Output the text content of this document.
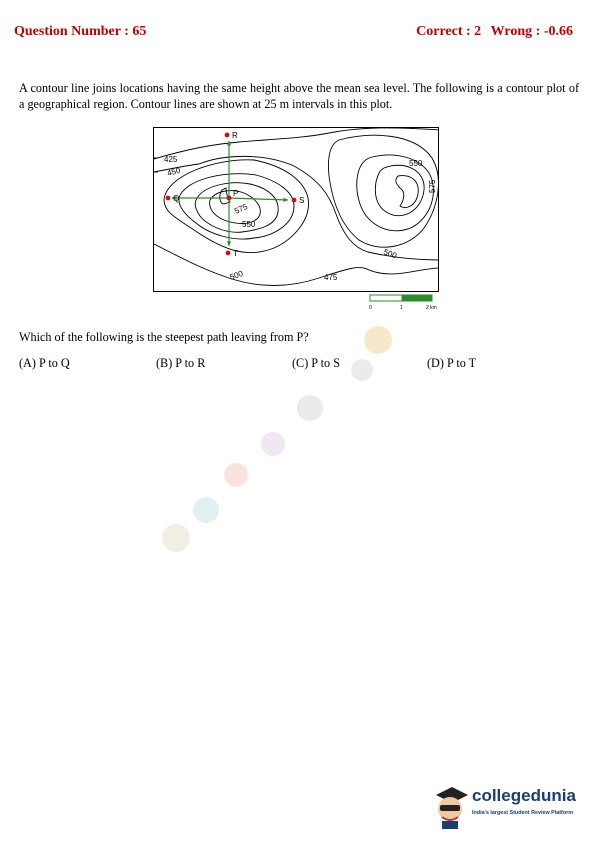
Question Number : 65	Correct : 2 Wrong : -0.66
A contour line joins locations having the same height above the mean sea level. The following is a contour plot of a geographical region. Contour lines are shown at 25 m intervals in this plot.
425
450
575
550
500	475
500
550
575
R
P
Q	S
T
0	1	2 km
Which of the following is the steepest path leaving from P?
(A) P to Q	(B) P to R	(C) P to S	(D) P to T
collegedunia
India's largest Student Review Platform
